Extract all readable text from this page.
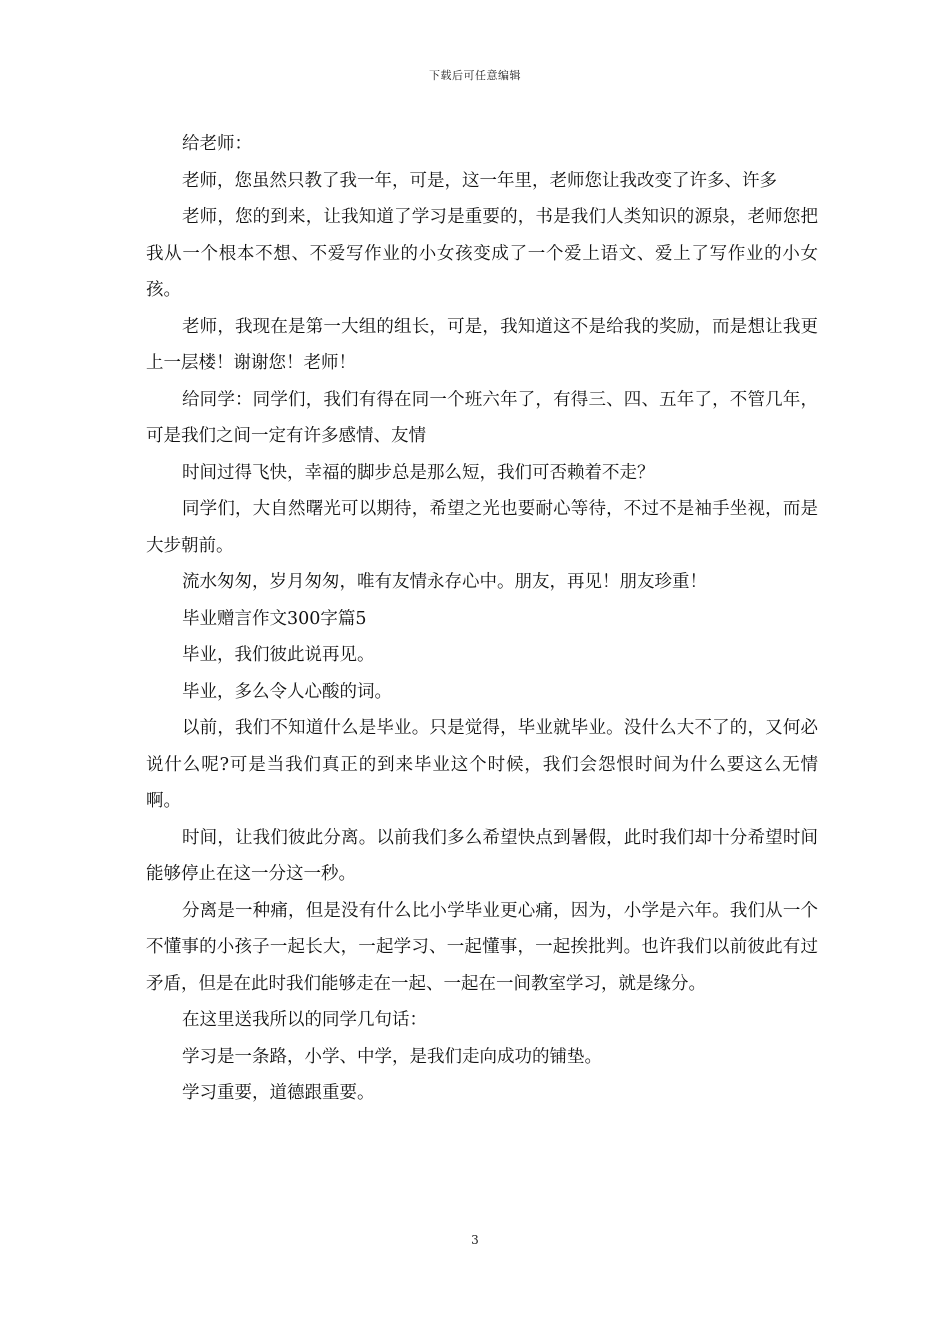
下载后可任意编辑

给老师：

老师，您虽然只教了我一年，可是，这一年里，老师您让我改变了许多、许多

老师，您的到来，让我知道了学习是重要的，书是我们人类知识的源泉，老师您把我从一个根本不想、不爱写作业的小女孩变成了一个爱上语文、爱上了写作业的小女孩。

老师，我现在是第一大组的组长，可是，我知道这不是给我的奖励，而是想让我更上一层楼！谢谢您！老师！

给同学：同学们，我们有得在同一个班六年了，有得三、四、五年了，不管几年，可是我们之间一定有许多感情、友情

时间过得飞快，幸福的脚步总是那么短，我们可否赖着不走？

同学们，大自然曙光可以期待，希望之光也要耐心等待，不过不是袖手坐视，而是大步朝前。

流水匆匆，岁月匆匆，唯有友情永存心中。朋友，再见！朋友珍重！

毕业赠言作文300字篇5

毕业，我们彼此说再见。

毕业，多么令人心酸的词。

以前，我们不知道什么是毕业。只是觉得，毕业就毕业。没什么大不了的，又何必说什么呢?可是当我们真正的到来毕业这个时候，我们会怨恨时间为什么要这么无情啊。

时间，让我们彼此分离。以前我们多么希望快点到暑假，此时我们却十分希望时间能够停止在这一分这一秒。

分离是一种痛，但是没有什么比小学毕业更心痛，因为，小学是六年。我们从一个不懂事的小孩子一起长大，一起学习、一起懂事，一起挨批判。也许我们以前彼此有过矛盾，但是在此时我们能够走在一起、一起在一间教室学习，就是缘分。

在这里送我所以的同学几句话：

学习是一条路，小学、中学，是我们走向成功的铺垫。

学习重要，道德跟重要。

3
